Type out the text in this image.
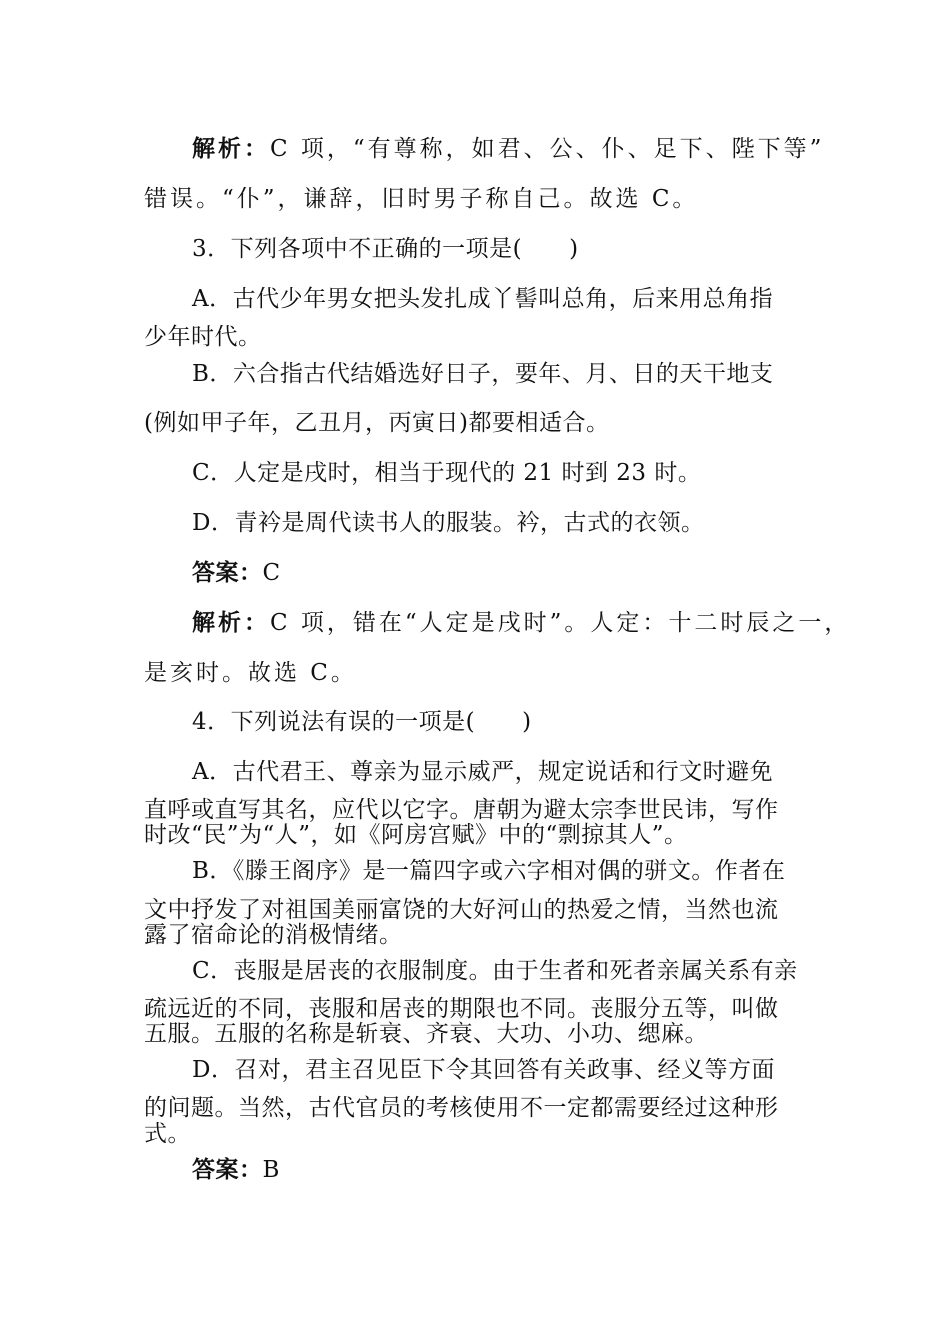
解析：C 项，“有尊称，如君、公、仆、足下、陛下等”
错误。“仆”，谦辞，旧时男子称自己。故选 C。
3．下列各项中不正确的一项是(　　)
A．古代少年男女把头发扎成丫髻叫总角，后来用总角指
少年时代。
B．六合指古代结婚选好日子，要年、月、日的天干地支
(例如甲子年，乙丑月，丙寅日)都要相适合。
C．人定是戌时，相当于现代的 21 时到 23 时。
D．青衿是周代读书人的服装。衿，古式的衣领。
答案：C
解析：C 项，错在“人定是戌时”。人定：十二时辰之一，
是亥时。故选 C。
4．下列说法有误的一项是(　　)
A．古代君王、尊亲为显示威严，规定说话和行文时避免
直呼或直写其名，应代以它字。唐朝为避太宗李世民讳，写作
时改“民”为“人”，如《阿房宫赋》中的“剽掠其人”。
B．《滕王阁序》是一篇四字或六字相对偶的骈文。作者在
文中抒发了对祖国美丽富饶的大好河山的热爱之情，当然也流
露了宿命论的消极情绪。
C．丧服是居丧的衣服制度。由于生者和死者亲属关系有亲
疏远近的不同，丧服和居丧的期限也不同。丧服分五等，叫做
五服。五服的名称是斩衰、齐衰、大功、小功、缌麻。
D．召对，君主召见臣下令其回答有关政事、经义等方面
的问题。当然，古代官员的考核使用不一定都需要经过这种形
式。
答案：B
